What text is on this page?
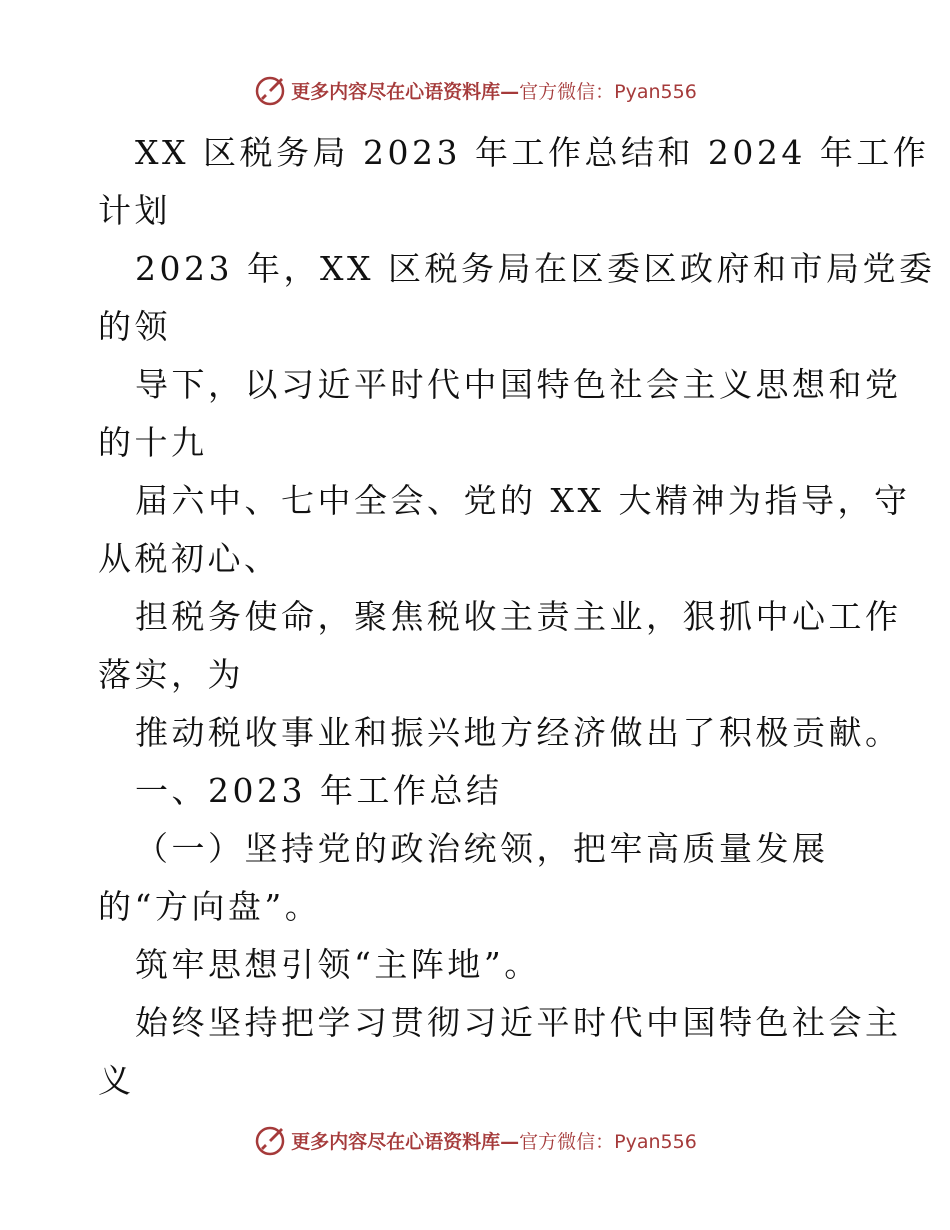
更多内容尽在心语资料库— 官方微信：Pyan556
XX 区税务局 2023 年工作总结和 2024 年工作
计划
2023 年，XX 区税务局在区委区政府和市局党委
的领
导下，以习近平时代中国特色社会主义思想和党
的十九
届六中、七中全会、党的 XX 大精神为指导，守
从税初心、
担税务使命，聚焦税收主责主业，狠抓中心工作
落实，为
推动税收事业和振兴地方经济做出了积极贡献。
一、2023 年工作总结
（一）坚持党的政治统领，把牢高质量发展
的“方向盘”。
筑牢思想引领“主阵地”。
始终坚持把学习贯彻习近平时代中国特色社会主
义
更多内容尽在心语资料库— 官方微信：Pyan556
